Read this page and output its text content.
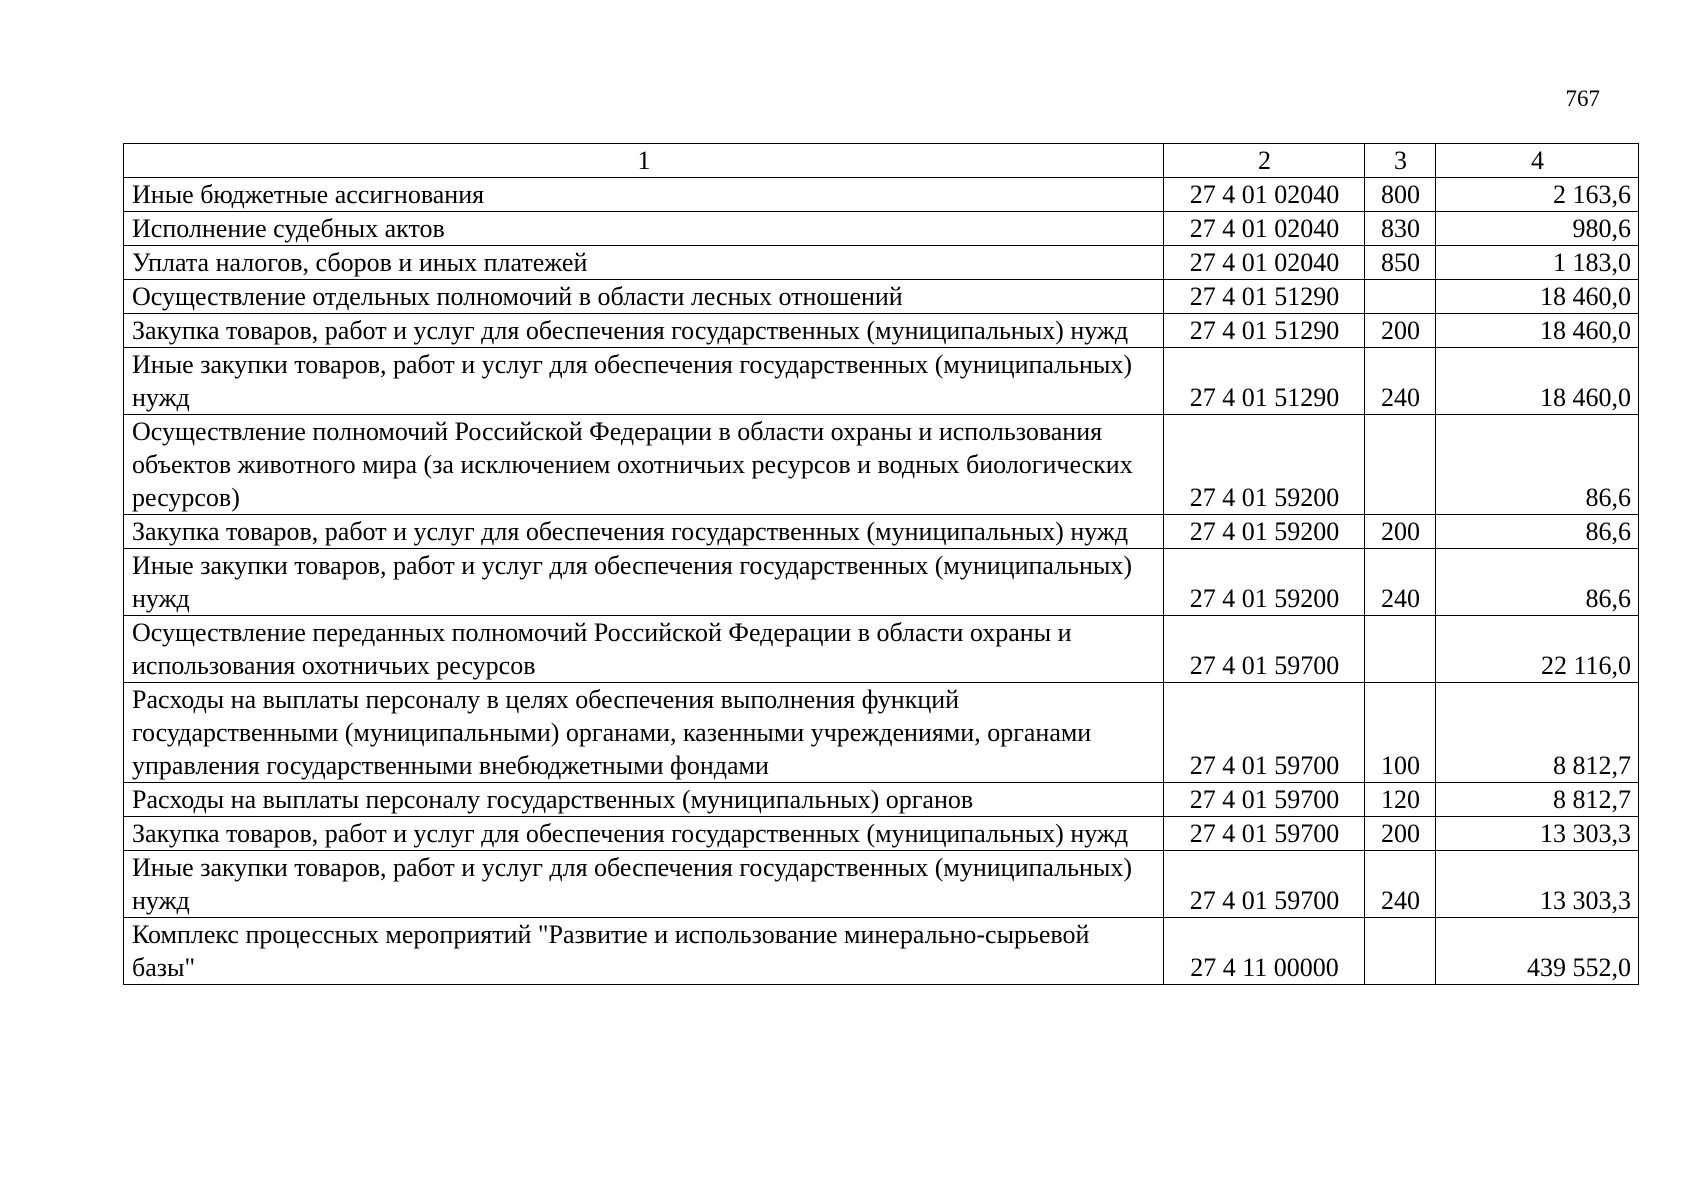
767
1	2	3	4
Иные бюджетные ассигнования	27 4 01 02040	800	2 163,6
Исполнение судебных актов	27 4 01 02040	830	980,6
Уплата налогов, сборов и иных платежей	27 4 01 02040	850	1 183,0
Осуществление отдельных полномочий в области лесных отношений	27 4 01 51290		18 460,0
Закупка товаров, работ и услуг для обеспечения государственных (муниципальных) нужд	27 4 01 51290	200	18 460,0
Иные закупки товаров, работ и услуг для обеспечения государственных (муниципальных) нужд	27 4 01 51290	240	18 460,0
Осуществление полномочий Российской Федерации в области охраны и использования объектов животного мира (за исключением охотничьих ресурсов и водных биологических ресурсов)	27 4 01 59200		86,6
Закупка товаров, работ и услуг для обеспечения государственных (муниципальных) нужд	27 4 01 59200	200	86,6
Иные закупки товаров, работ и услуг для обеспечения государственных (муниципальных) нужд	27 4 01 59200	240	86,6
Осуществление переданных полномочий Российской Федерации в области охраны и использования охотничьих ресурсов	27 4 01 59700		22 116,0
Расходы на выплаты персоналу в целях обеспечения выполнения функций государственными (муниципальными) органами, казенными учреждениями, органами управления государственными внебюджетными фондами	27 4 01 59700	100	8 812,7
Расходы на выплаты персоналу государственных (муниципальных) органов	27 4 01 59700	120	8 812,7
Закупка товаров, работ и услуг для обеспечения государственных (муниципальных) нужд	27 4 01 59700	200	13 303,3
Иные закупки товаров, работ и услуг для обеспечения государственных (муниципальных) нужд	27 4 01 59700	240	13 303,3
Комплекс процессных мероприятий "Развитие и использование минерально-сырьевой базы"	27 4 11 00000		439 552,0
